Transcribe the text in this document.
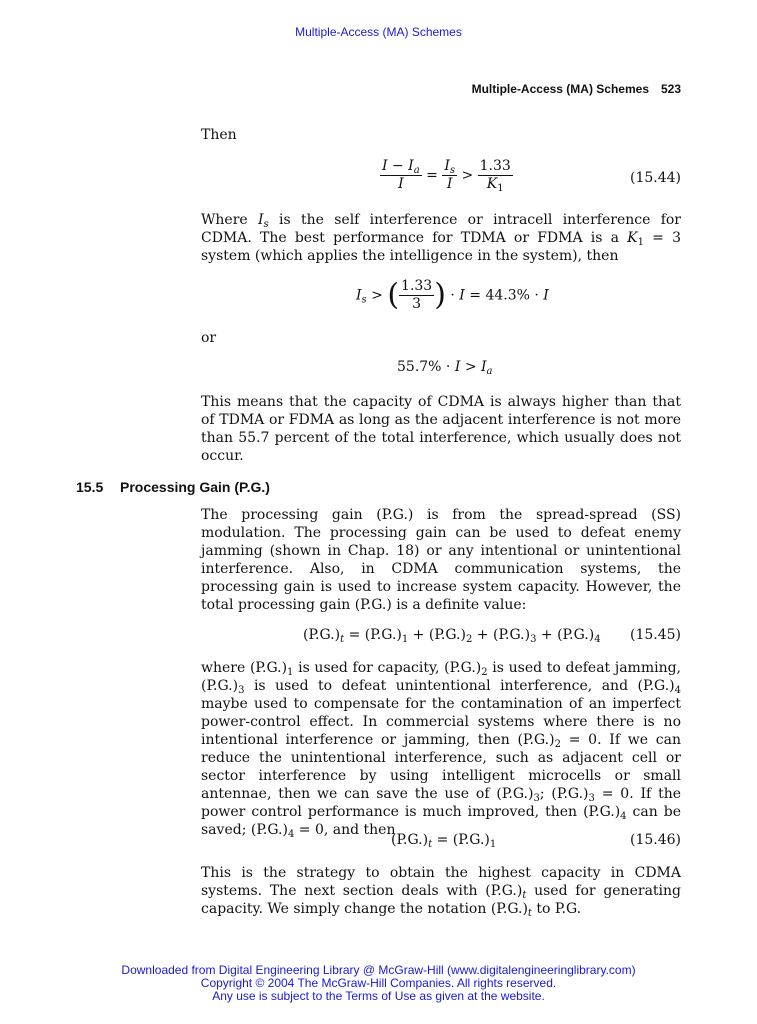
Multiple-Access (MA) Schemes
Multiple-Access (MA) Schemes 523
Then
$\frac{I - I_a}{I} = \frac{I_s}{I} > \frac{1.33}{K_1}$	(15.44)
Where $I_s$ is the self interference or intracell interference for CDMA. The best performance for TDMA or FDMA is a $K_1 = 3$ system (which applies the intelligence in the system), then
$I_s$ > ( $\frac{1.33}{3}$ ) · I = 44.3% · I
or
$55.7\% \cdot I > I_a$
This means that the capacity of CDMA is always higher than that of TDMA or FDMA as long as the adjacent interference is not more than 55.7 percent of the total interference, which usually does not occur.
15.5 Processing Gain (P.G.)
The processing gain (P.G.) is from the spread-spread (SS) modulation. The processing gain can be used to defeat enemy jamming (shown in Chap. 18) or any intentional or unintentional interference. Also, in CDMA communication systems, the processing gain is used to increase system capacity. However, the total processing gain (P.G.) is a definite value:
$(P.G.)_t = (P.G.)_1 + (P.G.)_2 + (P.G.)_3 + (P.G.)_4$ (15.45)
where $(P.G.)_1$ is used for capacity, $(P.G.)_2$ is used to defeat jamming, $(P.G.)_3$ is used to defeat unintentional interference, and $(P.G.)_4$ maybe used to compensate for the contamination of an imperfect power-control effect. In commercial systems where there is no intentional interference or jamming, then $(P.G.)_2 = 0$. If we can reduce the unintentional interference, such as adjacent cell or sector interference by using intelligent microcells or small antennae, then we can save the use of $(P.G.)_3$; $(P.G.)_3 = 0$. If the power control performance is much improved, then $(P.G.)_4$ can be saved; $(P.G.)_4 = 0$, and then
$(P.G.)_t = (P.G.)_1$	(15.46)
This is the strategy to obtain the highest capacity in CDMA systems. The next section deals with $(P.G.)_t$ used for generating capacity. We simply change the notation $(P.G.)_t$ to P.G.
Downloaded from Digital Engineering Library @ McGraw-Hill (www.digitalengineeringlibrary.com)
Copyright © 2004 The McGraw-Hill Companies. All rights reserved.
Any use is subject to the Terms of Use as given at the website.
